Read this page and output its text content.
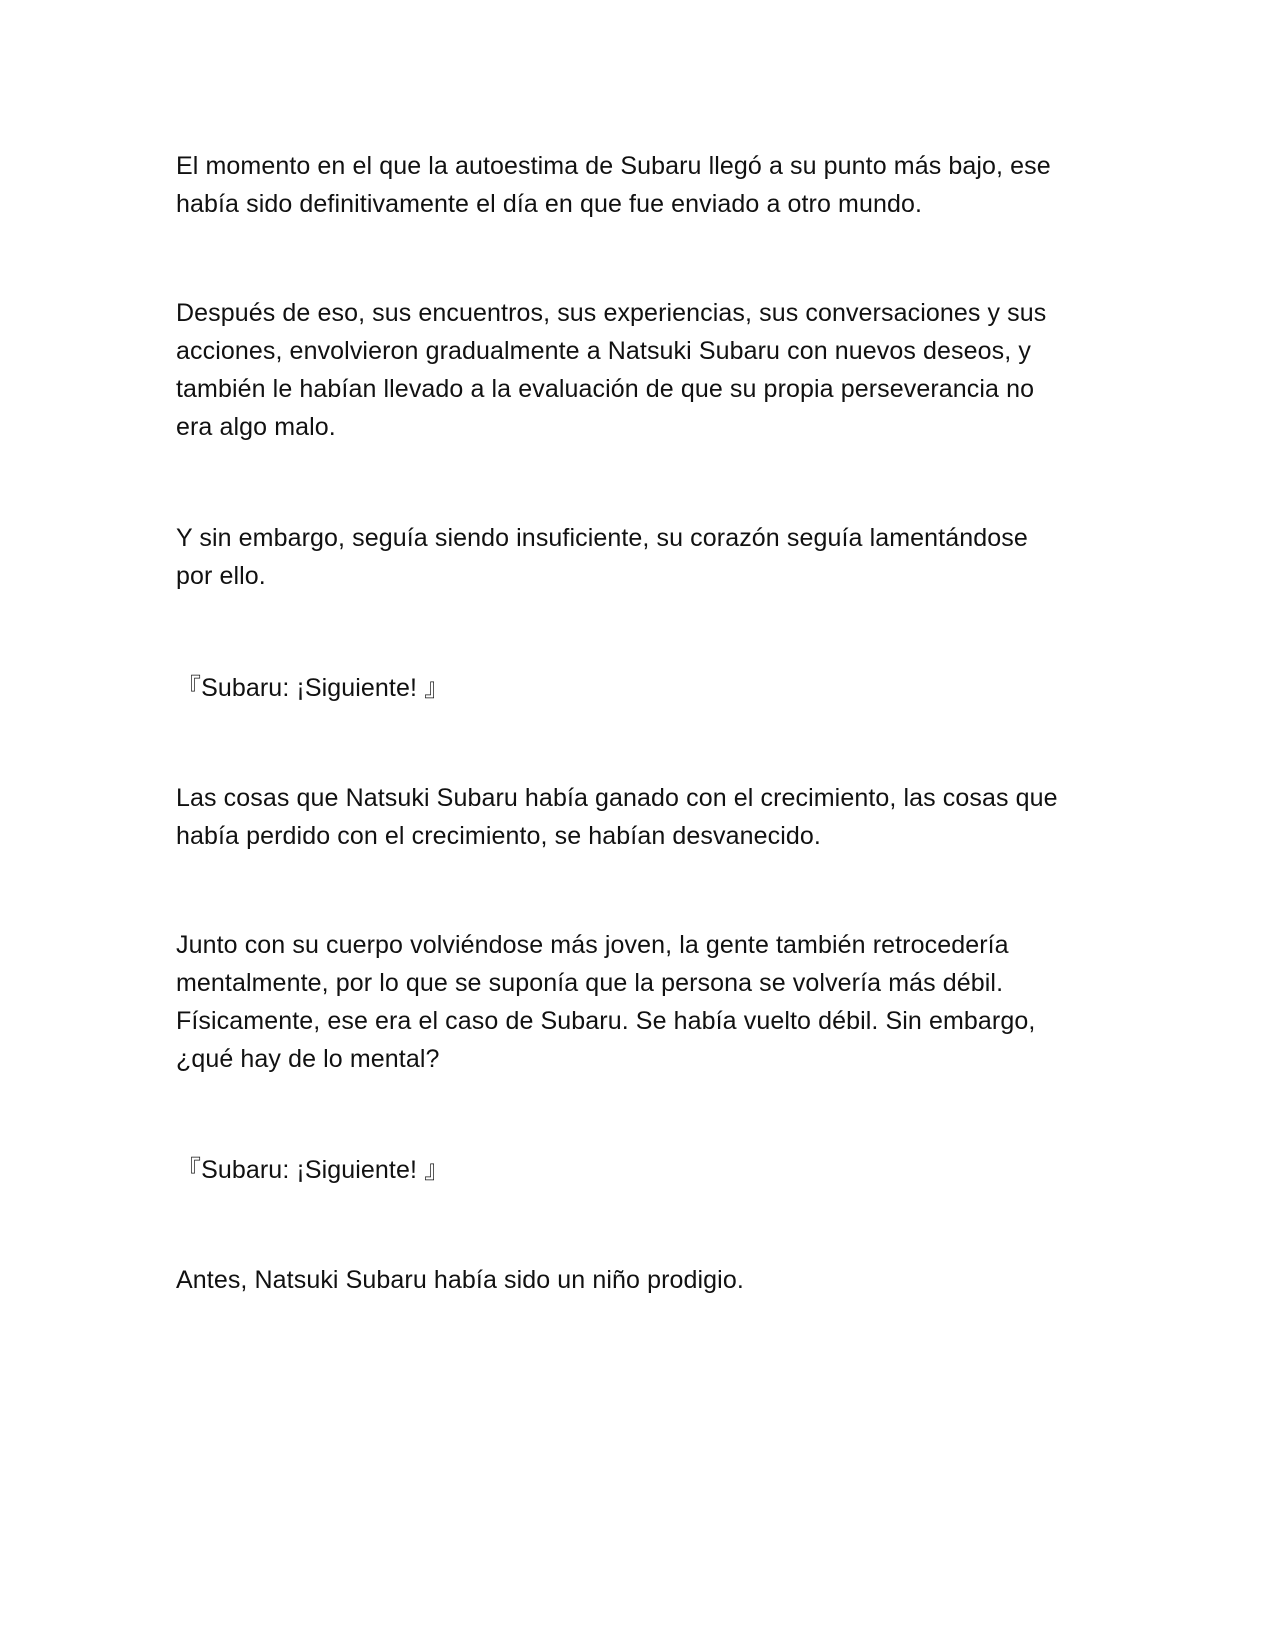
El momento en el que la autoestima de Subaru llegó a su punto más bajo, ese
había sido definitivamente el día en que fue enviado a otro mundo.

Después de eso, sus encuentros, sus experiencias, sus conversaciones y sus
acciones, envolvieron gradualmente a Natsuki Subaru con nuevos deseos, y
también le habían llevado a la evaluación de que su propia perseverancia no
era algo malo.

Y sin embargo, seguía siendo insuficiente, su corazón seguía lamentándose
por ello.

『Subaru: ¡Siguiente! 』

Las cosas que Natsuki Subaru había ganado con el crecimiento, las cosas que
había perdido con el crecimiento, se habían desvanecido.

Junto con su cuerpo volviéndose más joven, la gente también retrocedería
mentalmente, por lo que se suponía que la persona se volvería más débil.
Físicamente, ese era el caso de Subaru. Se había vuelto débil. Sin embargo,
¿qué hay de lo mental?

『Subaru: ¡Siguiente! 』

Antes, Natsuki Subaru había sido un niño prodigio.
